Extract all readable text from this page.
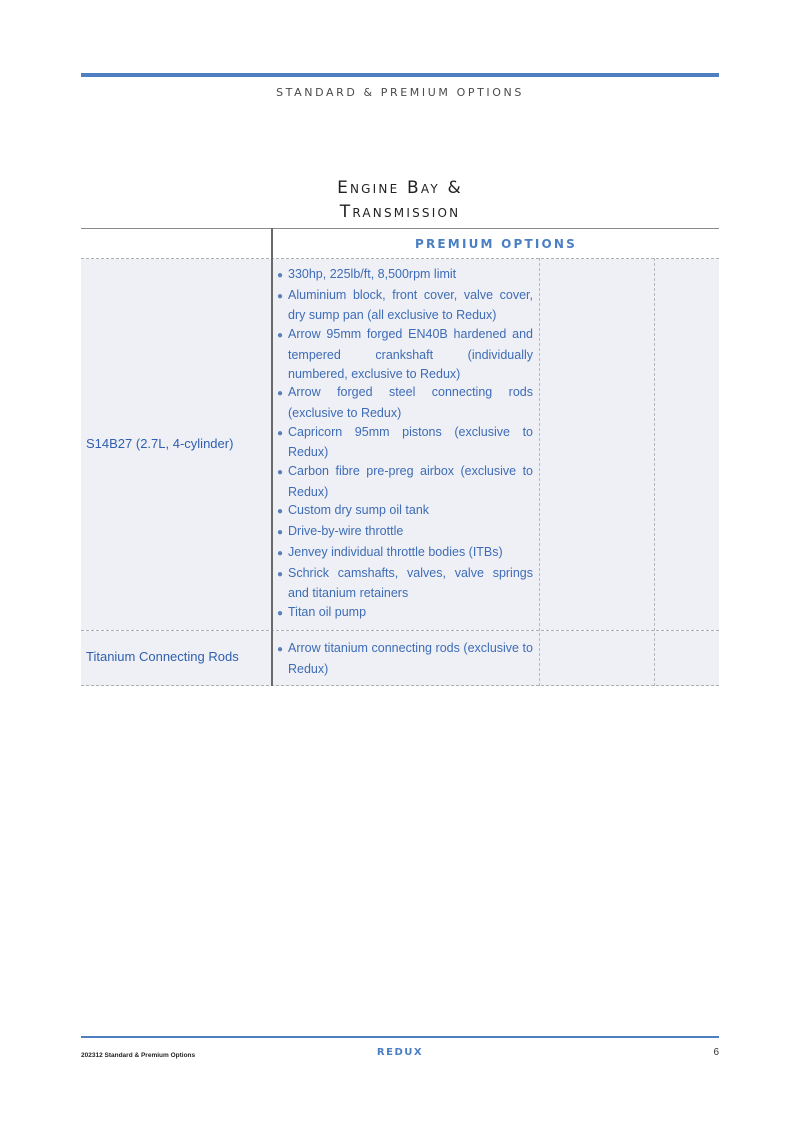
STANDARD & PREMIUM OPTIONS
Engine Bay &
Transmission
PREMIUM OPTIONS
S14B27 (2.7L, 4-cylinder)
● 330hp, 225lb/ft, 8,500rpm limit
● Aluminium block, front cover, valve cover, dry sump pan (all exclusive to Redux)
● Arrow 95mm forged EN40B hardened and tempered crankshaft (individually numbered, exclusive to Redux)
● Arrow forged steel connecting rods (exclusive to Redux)
● Capricorn 95mm pistons (exclusive to Redux)
● Carbon fibre pre-preg airbox (exclusive to Redux)
● Custom dry sump oil tank
● Drive-by-wire throttle
● Jenvey individual throttle bodies (ITBs)
● Schrick camshafts, valves, valve springs and titanium retainers
● Titan oil pump
Titanium Connecting Rods	● Arrow titanium connecting rods (exclusive to Redux)
202312 Standard & Premium Options	REDUX	6
